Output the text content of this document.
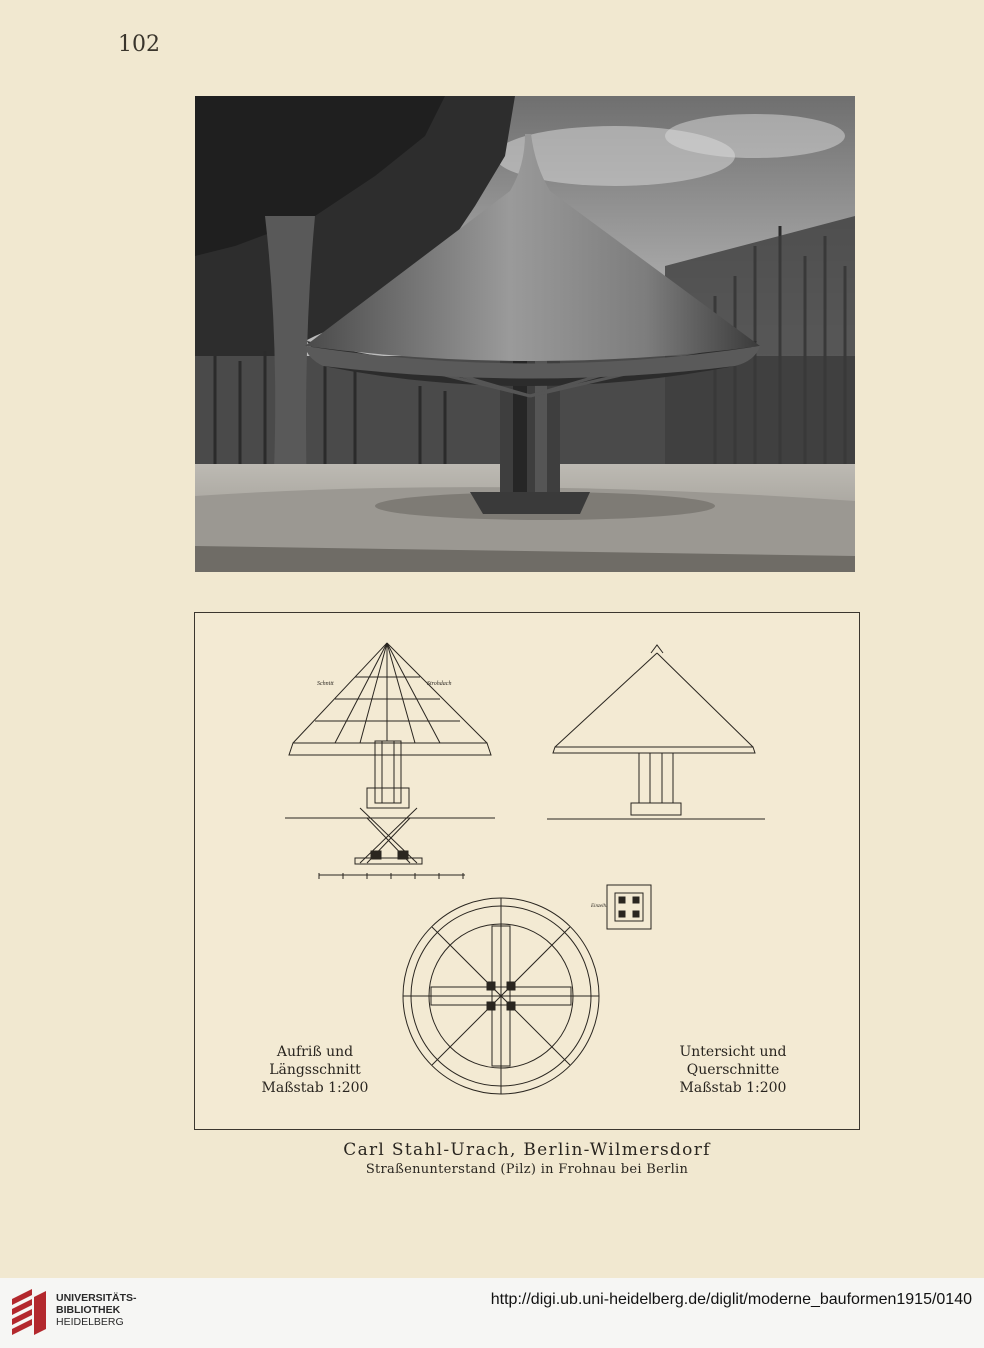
102
Schnitt	Strohdach
Einzelh.
Aufriß und
Längsschnitt
Maßstab 1:200
Untersicht und
Querschnitte
Maßstab 1:200
Carl Stahl-Urach, Berlin-Wilmersdorf
Straßenunterstand (Pilz) in Frohnau bei Berlin
UNIVERSITÄTS-
BIBLIOTHEK
HEIDELBERG
http://digi.ub.uni-heidelberg.de/diglit/moderne_bauformen1915/0140
